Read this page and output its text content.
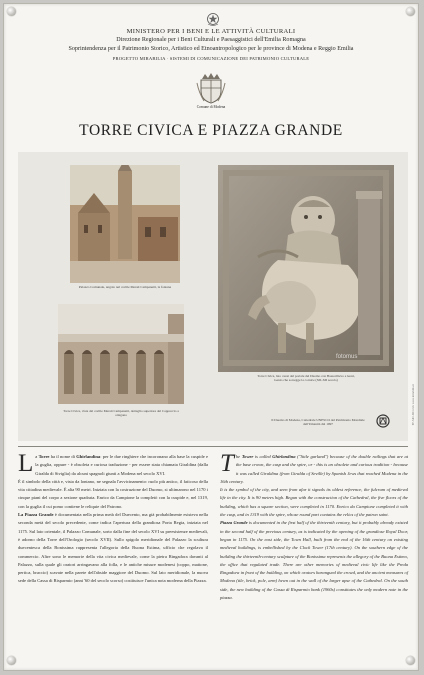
MINISTERO PER I BENI E LE ATTIVITÀ CULTURALI
Direzione Regionale per i Beni Culturali e Paesaggistici dell'Emilia Romagna
Soprintendenza per il Patrimonio Storico, Artistico ed Etnoantropologico per le province di Modena e Reggio Emilia
PROGETTO MIRABILIA · SISTEMI DI COMUNICAZIONE DEI PATRIMONIO CULTURALE
Comune di Modena
TORRE CIVICA E PIAZZA GRANDE
Palazzo Comunale, angolo nel cortile Merati Campanetti, la fontana
Torre Civica, vista dal cortile Merati Campanetti, dettaglio superiore del Cappuccio a ottagono
fotomus
Torre Civica, lato ovest del portale del Duomo con Bassorilievo e leoni, Genio che sorregge la cornice (XII-XII secolo)
Il Duomo di Modena, Cattedrale UNESCO del Patrimonio Mondiale dell'Umanità dal 1997	PP-MO-MO-GG www.mirabilia.it

La Torre ha il nome di Ghirlandina: per le due ringhiere che incoronano alla base la cuspide e la guglia, oppure - è obsoleta e curiosa traduzione - per essere stata chiamata Giraldina (dalla Giralda di Siviglia) da alcuni spagnoli giunti a Modena nel secolo XVI.

È il simbolo della città e, vista da lontano, ne segnala l'avvicinamento: ruolo più antico, il faticoso della vita cittadina medievale. È alta 90 metri. Iniziata con la costruzione del Duomo, si ultimarono nel 1170 i cinque piani del corpo a sezione quadrata. Enrico da Campione la completò con la cuspide e, nel 1319, con la guglia il cui pomo contiene le reliquie del Patrono.

La Piazza Grande è documentata nella prima metà del Duecento, ma già probabilmente esisteva nella seconda metà del secolo precedente, come indica l'apertura della grandiosa Porta Regia, iniziata nel 1175. Sul lato orientale, il Palazzo Comunale, sorto dalla fine del secolo XVI su preesistenze medievali, è adorno della Torre dell'Orologio (secolo XVII). Sullo spigolo meridionale del Palazzo la scultura duecentesca della Bonissima rappresenta l'allegoria della Buona Estima, ufficio che regolava il commercio. Altre sono le memorie della vita civica medievale, come la pietra Ringadora davanti al Palazzo, sulla quale gli oratori arringavano alla folla, e le antiche misure modenesi (coppo, mattone, pertica, braccio) scavate nella parete dell'abside maggiore del Duomo. Sul lato meridionale, la nuova sede della Cassa di Risparmio (anni '60 del secolo scorso) costituisce l'unica nota moderna della Piazza.

The Tower is called Ghirlandina ("little garland") because of the double railings that are at the base crown, the cusp and the spire, or - this is an obsolete and curious tradition - because it was called Giraldina (from Giralda of Seville) by Spanish Jews that reached Modena in the 16th century.

It is the symbol of the city, and seen from afar it signals its oldest reference, the fulcrum of medieval life in the city. It is 90 metres high. Begun with the construction of the Cathedral, the five floors of the building, which has a square section, were completed in 1170. Enrico da Campione completed it with the cusp, and in 1319 with the spire, whose round part contains the relics of the patron saint.

Piazza Grande is documented in the first half of the thirteenth century, but it probably already existed in the second half of the previous century, as is indicated by the opening of the grandiose Royal Door, begun in 1175. On the east side, the Town Hall, built from the end of the 16th century on existing medieval buildings, is embellished by the Clock Tower (17th century). On the southern edge of the building the thirteenth-century sculpture of the Bonissima represents the allegory of the Buona Estimo, the office that regulated trade. There are other memories of medieval civic life like the Preda Ringadora in front of the building, on which orators harangued the crowd, and the ancient measures of Modena (tile, brick, pole, arm) hewn out in the wall of the larger apse of the Cathedral. On the south side, the new building of the Cassa di Risparmio bank (1960s) constitutes the only modern note in the piazza.
